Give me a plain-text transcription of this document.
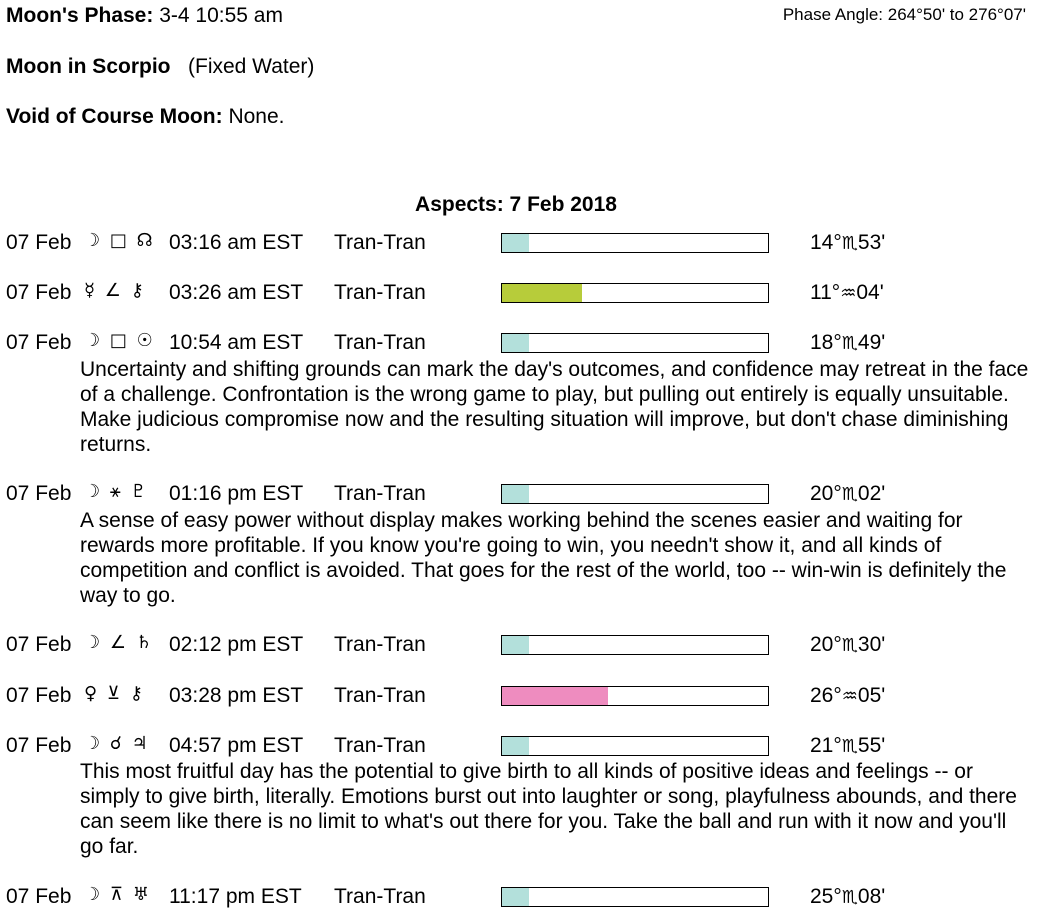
Moon's Phase: 3-4 10:55 am	Phase Angle: 264°50' to 276°07'
Moon in Scorpio (Fixed Water)
Void of Course Moon: None.
Aspects: 7 Feb 2018
07 Feb ☽ □ ☊ 03:16 am EST Tran-Tran	14°♏53'
07 Feb ☿ ∠ ⚷ 03:26 am EST Tran-Tran	11°♒04'
07 Feb ☽ □ ☉ 10:54 am EST Tran-Tran	18°♏49'
Uncertainty and shifting grounds can mark the day's outcomes, and confidence may retreat in the face of a challenge. Confrontation is the wrong game to play, but pulling out entirely is equally unsuitable. Make judicious compromise now and the resulting situation will improve, but don't chase diminishing returns.
07 Feb ☽ ⚹ ♇ 01:16 pm EST Tran-Tran	20°♏02'
A sense of easy power without display makes working behind the scenes easier and waiting for rewards more profitable. If you know you're going to win, you needn't show it, and all kinds of competition and conflict is avoided. That goes for the rest of the world, too -- win-win is definitely the way to go.
07 Feb ☽ ∠ ♄ 02:12 pm EST Tran-Tran	20°♏30'
07 Feb ♀ ⊻ ⚷ 03:28 pm EST Tran-Tran	26°♒05'
07 Feb ☽ ☌ ♃ 04:57 pm EST Tran-Tran	21°♏55'
This most fruitful day has the potential to give birth to all kinds of positive ideas and feelings -- or simply to give birth, literally. Emotions burst out into laughter or song, playfulness abounds, and there can seem like there is no limit to what's out there for you. Take the ball and run with it now and you'll go far.
07 Feb ☽ ⊼ ♅ 11:17 pm EST Tran-Tran	25°♏08'
